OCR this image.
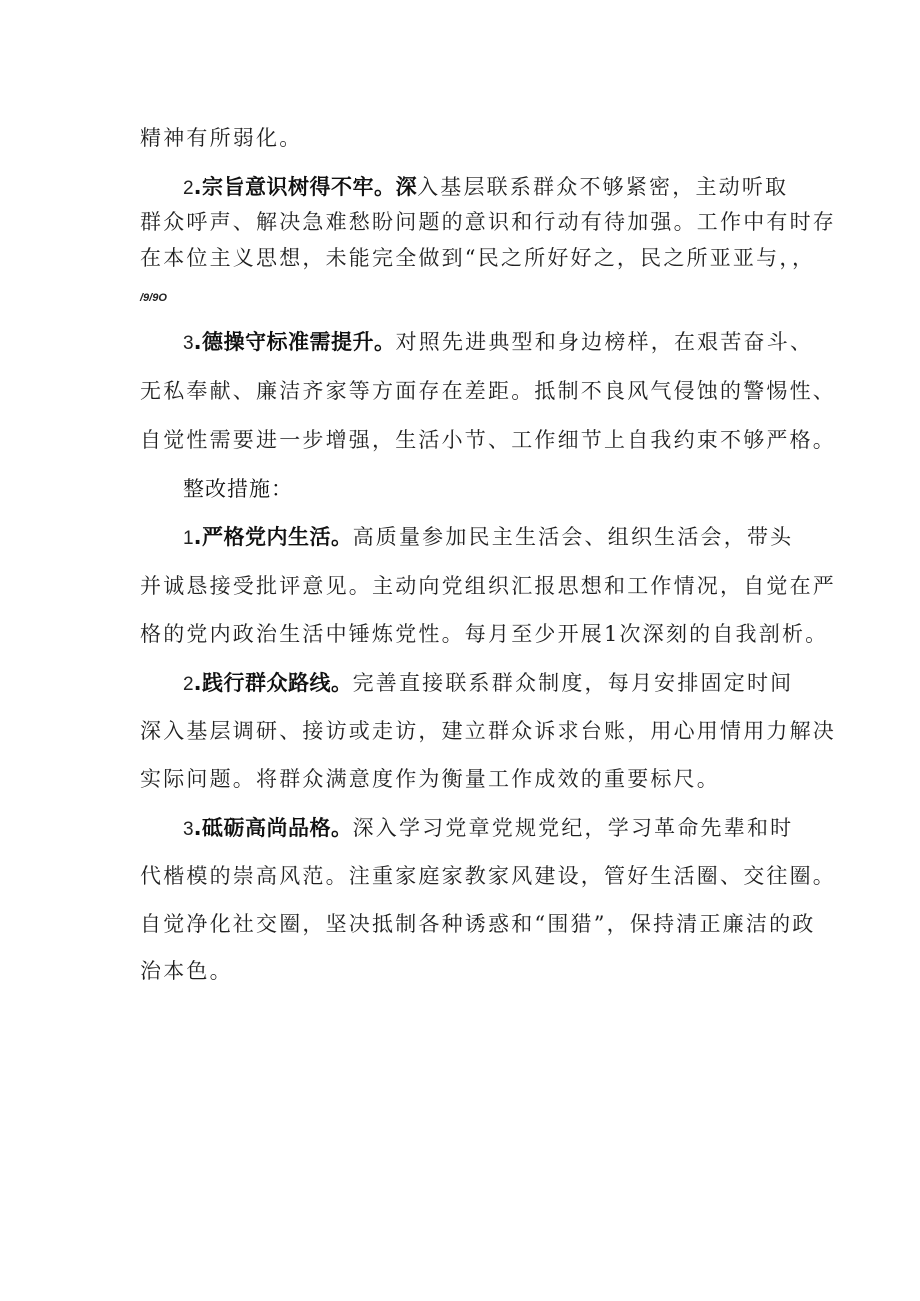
精神有所弱化。
2.宗旨意识树得不牢。深入基层联系群众不够紧密，主动听取
群众呼声、解决急难愁盼问题的意识和行动有待加强。工作中有时存
在本位主义思想，未能完全做到“民之所好好之，民之所亚亚与，，
/9/9O
3.德操守标准需提升。对照先进典型和身边榜样，在艰苦奋斗、
无私奉献、廉洁齐家等方面存在差距。抵制不良风气侵蚀的警惕性、
自觉性需要进一步增强，生活小节、工作细节上自我约束不够严格。
整改措施：
1.严格党内生活。高质量参加民主生活会、组织生活会，带头
并诚恳接受批评意见。主动向党组织汇报思想和工作情况，自觉在严
格的党内政治生活中锤炼党性。每月至少开展1次深刻的自我剖析。
2.践行群众路线。完善直接联系群众制度，每月安排固定时间
深入基层调研、接访或走访，建立群众诉求台账，用心用情用力解决
实际问题。将群众满意度作为衡量工作成效的重要标尺。
3.砥砺高尚品格。深入学习党章党规党纪，学习革命先辈和时
代楷模的崇高风范。注重家庭家教家风建设，管好生活圈、交往圈。
自觉净化社交圈，坚决抵制各种诱惑和“围猎”，保持清正廉洁的政
治本色。
